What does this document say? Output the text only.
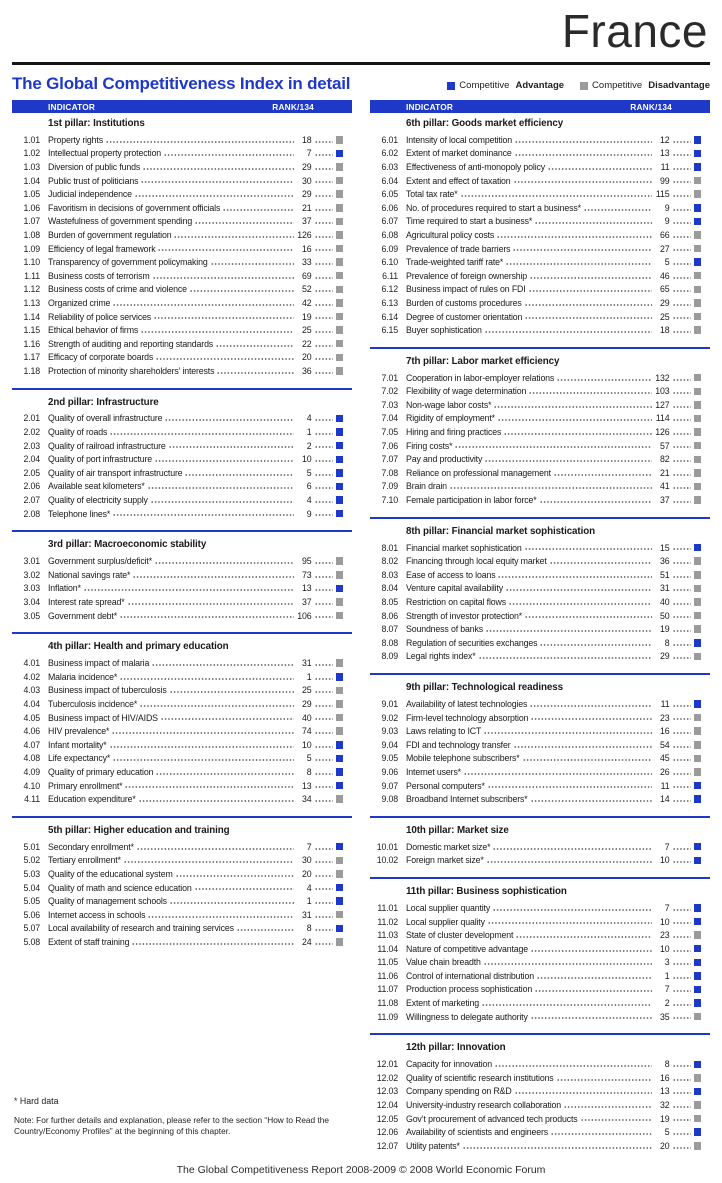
France
The Global Competitiveness Index in detail	Competitive Advantage	Competitive Disadvantage
INDICATOR	RANK/134
1st pillar: Institutions
1.01 Property rights	18
1.02 Intellectual property protection	7
1.03 Diversion of public funds	29
1.04 Public trust of politicians	30
1.05 Judicial independence	29
1.06 Favoritism in decisions of government officials	21
1.07 Wastefulness of government spending	37
1.08 Burden of government regulation	126
1.09 Efficiency of legal framework	16
1.10 Transparency of government policymaking	33
1.11 Business costs of terrorism	69
1.12 Business costs of crime and violence	52
1.13 Organized crime	42
1.14 Reliability of police services	19
1.15 Ethical behavior of firms	25
1.16 Strength of auditing and reporting standards	22
1.17 Efficacy of corporate boards	20
1.18 Protection of minority shareholders’ interests	36
2nd pillar: Infrastructure
2.01 Quality of overall infrastructure	4
2.02 Quality of roads	1
2.03 Quality of railroad infrastructure	2
2.04 Quality of port infrastructure	10
2.05 Quality of air transport infrastructure	5
2.06 Available seat kilometers*	6
2.07 Quality of electricity supply	4
2.08 Telephone lines*	9
3rd pillar: Macroeconomic stability
3.01 Government surplus/deficit*	95
3.02 National savings rate*	73
3.03 Inflation*	13
3.04 Interest rate spread*	37
3.05 Government debt*	106
4th pillar: Health and primary education
4.01 Business impact of malaria	31
4.02 Malaria incidence*	1
4.03 Business impact of tuberculosis	25
4.04 Tuberculosis incidence*	29
4.05 Business impact of HIV/AIDS	40
4.06 HIV prevalence*	74
4.07 Infant mortality*	10
4.08 Life expectancy*	5
4.09 Quality of primary education	8
4.10 Primary enrollment*	13
4.11 Education expenditure*	34
5th pillar: Higher education and training
5.01 Secondary enrollment*	7
5.02 Tertiary enrollment*	30
5.03 Quality of the educational system	20
5.04 Quality of math and science education	4
5.05 Quality of management schools	1
5.06 Internet access in schools	31
5.07 Local availability of research and training services	8
5.08 Extent of staff training	24
INDICATOR	RANK/134
6th pillar: Goods market efficiency
6.01 Intensity of local competition	12
6.02 Extent of market dominance	13
6.03 Effectiveness of anti-monopoly policy	11
6.04 Extent and effect of taxation	99
6.05 Total tax rate*	115
6.06 No. of procedures required to start a business*	9
6.07 Time required to start a business*	9
6.08 Agricultural policy costs	66
6.09 Prevalence of trade barriers	27
6.10 Trade-weighted tariff rate*	5
6.11 Prevalence of foreign ownership	46
6.12 Business impact of rules on FDI	65
6.13 Burden of customs procedures	29
6.14 Degree of customer orientation	25
6.15 Buyer sophistication	18
7th pillar: Labor market efficiency
7.01 Cooperation in labor-employer relations	132
7.02 Flexibility of wage determination	103
7.03 Non-wage labor costs*	127
7.04 Rigidity of employment*	114
7.05 Hiring and firing practices	126
7.06 Firing costs*	57
7.07 Pay and productivity	82
7.08 Reliance on professional management	21
7.09 Brain drain	41
7.10 Female participation in labor force*	37
8th pillar: Financial market sophistication
8.01 Financial market sophistication	15
8.02 Financing through local equity market	36
8.03 Ease of access to loans	51
8.04 Venture capital availability	31
8.05 Restriction on capital flows	40
8.06 Strength of investor protection*	50
8.07 Soundness of banks	19
8.08 Regulation of securities exchanges	8
8.09 Legal rights index*	29
9th pillar: Technological readiness
9.01 Availability of latest technologies	11
9.02 Firm-level technology absorption	23
9.03 Laws relating to ICT	16
9.04 FDI and technology transfer	54
9.05 Mobile telephone subscribers*	45
9.06 Internet users*	26
9.07 Personal computers*	11
9.08 Broadband Internet subscribers*	14
10th pillar: Market size
10.01 Domestic market size*	7
10.02 Foreign market size*	10
11th pillar: Business sophistication
11.01 Local supplier quantity	7
11.02 Local supplier quality	10
11.03 State of cluster development	23
11.04 Nature of competitive advantage	10
11.05 Value chain breadth	3
11.06 Control of international distribution	1
11.07 Production process sophistication	7
11.08 Extent of marketing	2
11.09 Willingness to delegate authority	35
12th pillar: Innovation
12.01 Capacity for innovation	8
12.02 Quality of scientific research institutions	16
12.03 Company spending on R&D	13
12.04 University-industry research collaboration	32
12.05 Gov’t procurement of advanced tech products	19
12.06 Availability of scientists and engineers	5
12.07 Utility patents*	20
* Hard data
Note: For further details and explanation, please refer to the section “How to Read the Country/Economy Profiles” at the beginning of this chapter.
The Global Competitiveness Report 2008-2009 © 2008 World Economic Forum
